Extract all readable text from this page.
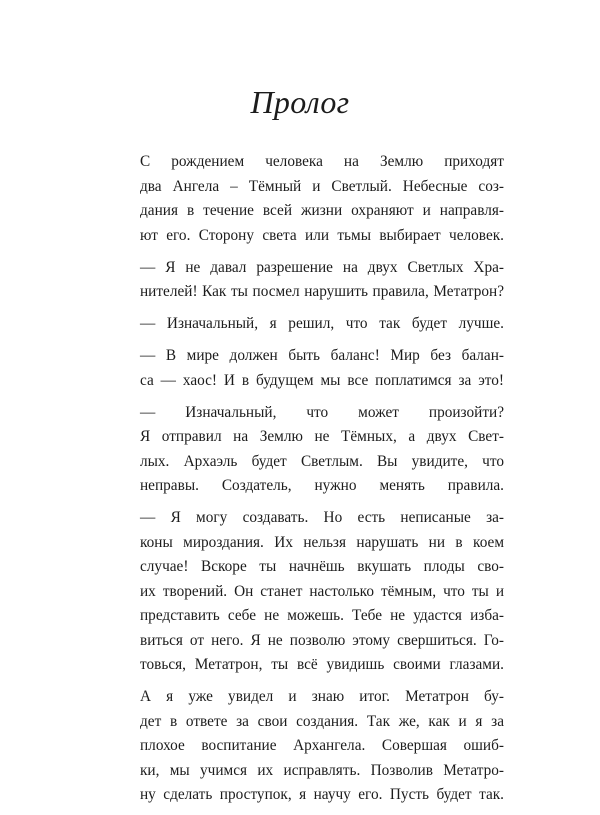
Пролог

С рождением человека на Землю приходят
два Ангела – Тёмный и Светлый. Небесные соз-
дания в течение всей жизни охраняют и направля-
ют его. Сторону света или тьмы выбирает человек.

— Я не давал разрешение на двух Светлых Хра-
нителей! Как ты посмел нарушить правила, Метатрон?

— Изначальный, я решил, что так будет лучше.

— В мире должен быть баланс! Мир без балан-
са — хаос! И в будущем мы все поплатимся за это!

— Изначальный, что может произойти?
Я отправил на Землю не Тёмных, а двух Свет-
лых. Архаэль будет Светлым. Вы увидите, что
неправы. Создатель, нужно менять правила.

— Я могу создавать. Но есть неписаные за-
коны мироздания. Их нельзя нарушать ни в коем
случае! Вскоре ты начнёшь вкушать плоды сво-
их творений. Он станет настолько тёмным, что ты и
представить себе не можешь. Тебе не удастся изба-
виться от него. Я не позволю этому свершиться. Го-
товься, Метатрон, ты всё увидишь своими глазами.

А я уже увидел и знаю итог. Метатрон бу-
дет в ответе за свои создания. Так же, как и я за
плохое воспитание Архангела. Совершая ошиб-
ки, мы учимся их исправлять. Позволив Метатро-
ну сделать проступок, я научу его. Пусть будет так.
